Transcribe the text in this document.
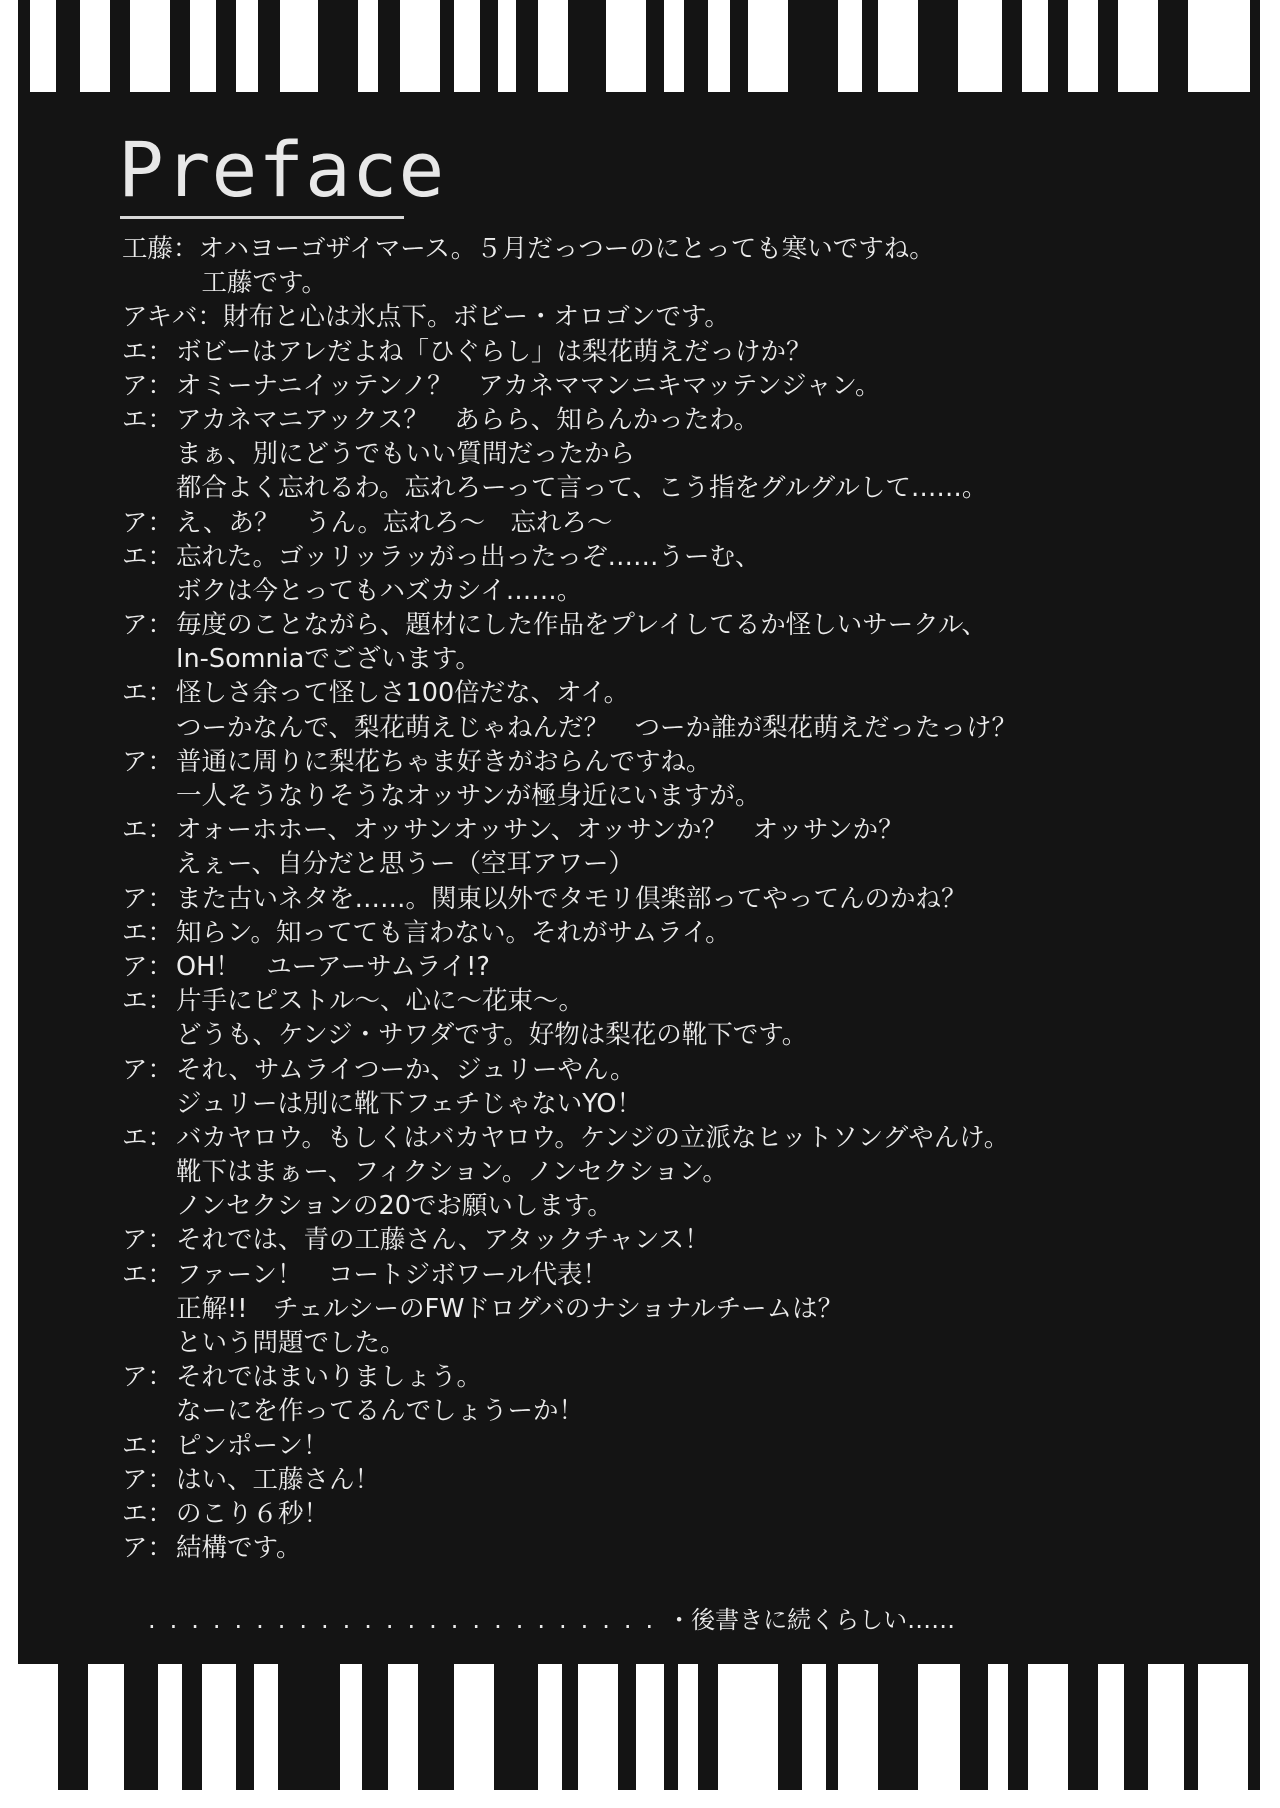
Preface
工藤： オハヨーゴザイマース。５月だっつーのにとっても寒いですね。
　工藤です。
アキバ： 財布と心は氷点下。ボビー・オロゴンです。
エ： ボビーはアレだよね「ひぐらし」は梨花萌えだっけか？
ア： オミーナニイッテンノ？　アカネママンニキマッテンジャン。
エ： アカネマニアックス？　あらら、知らんかったわ。
まぁ、別にどうでもいい質問だったから
都合よく忘れるわ。忘れろーって言って、こう指をグルグルして……。
ア： え、あ？　うん。忘れろ～　忘れろ～
エ： 忘れた。ゴッリッラッがっ出ったっぞ……うーむ、
ボクは今とってもハズカシイ……。
ア： 毎度のことながら、題材にした作品をプレイしてるか怪しいサークル、
In-Somniaでございます。
エ： 怪しさ余って怪しさ100倍だな、オイ。
つーかなんで、梨花萌えじゃねんだ？　つーか誰が梨花萌えだったっけ？
ア： 普通に周りに梨花ちゃま好きがおらんですね。
一人そうなりそうなオッサンが極身近にいますが。
エ： オォーホホー、オッサンオッサン、オッサンか？　オッサンか？
えぇー、自分だと思うー（空耳アワー）
ア： また古いネタを……。関東以外でタモリ倶楽部ってやってんのかね？
エ： 知らン。知ってても言わない。それがサムライ。
ア： OH！　ユーアーサムライ!?
エ： 片手にピストル～、心に～花束～。
どうも、ケンジ・サワダです。好物は梨花の靴下です。
ア： それ、サムライつーか、ジュリーやん。
ジュリーは別に靴下フェチじゃないYO！
エ： バカヤロウ。もしくはバカヤロウ。ケンジの立派なヒットソングやんけ。
靴下はまぁー、フィクション。ノンセクション。
ノンセクションの20でお願いします。
ア： それでは、青の工藤さん、アタックチャンス！
エ： ファーン！　コートジボワール代表！
正解!!　チェルシーのFWドログバのナショナルチームは？
という問題でした。
ア： それではまいりましょう。
なーにを作ってるんでしょうーか！
エ： ピンポーン！
ア： はい、工藤さん！
エ： のこり６秒！
ア： 結構です。
........................・後書きに続くらしい……
